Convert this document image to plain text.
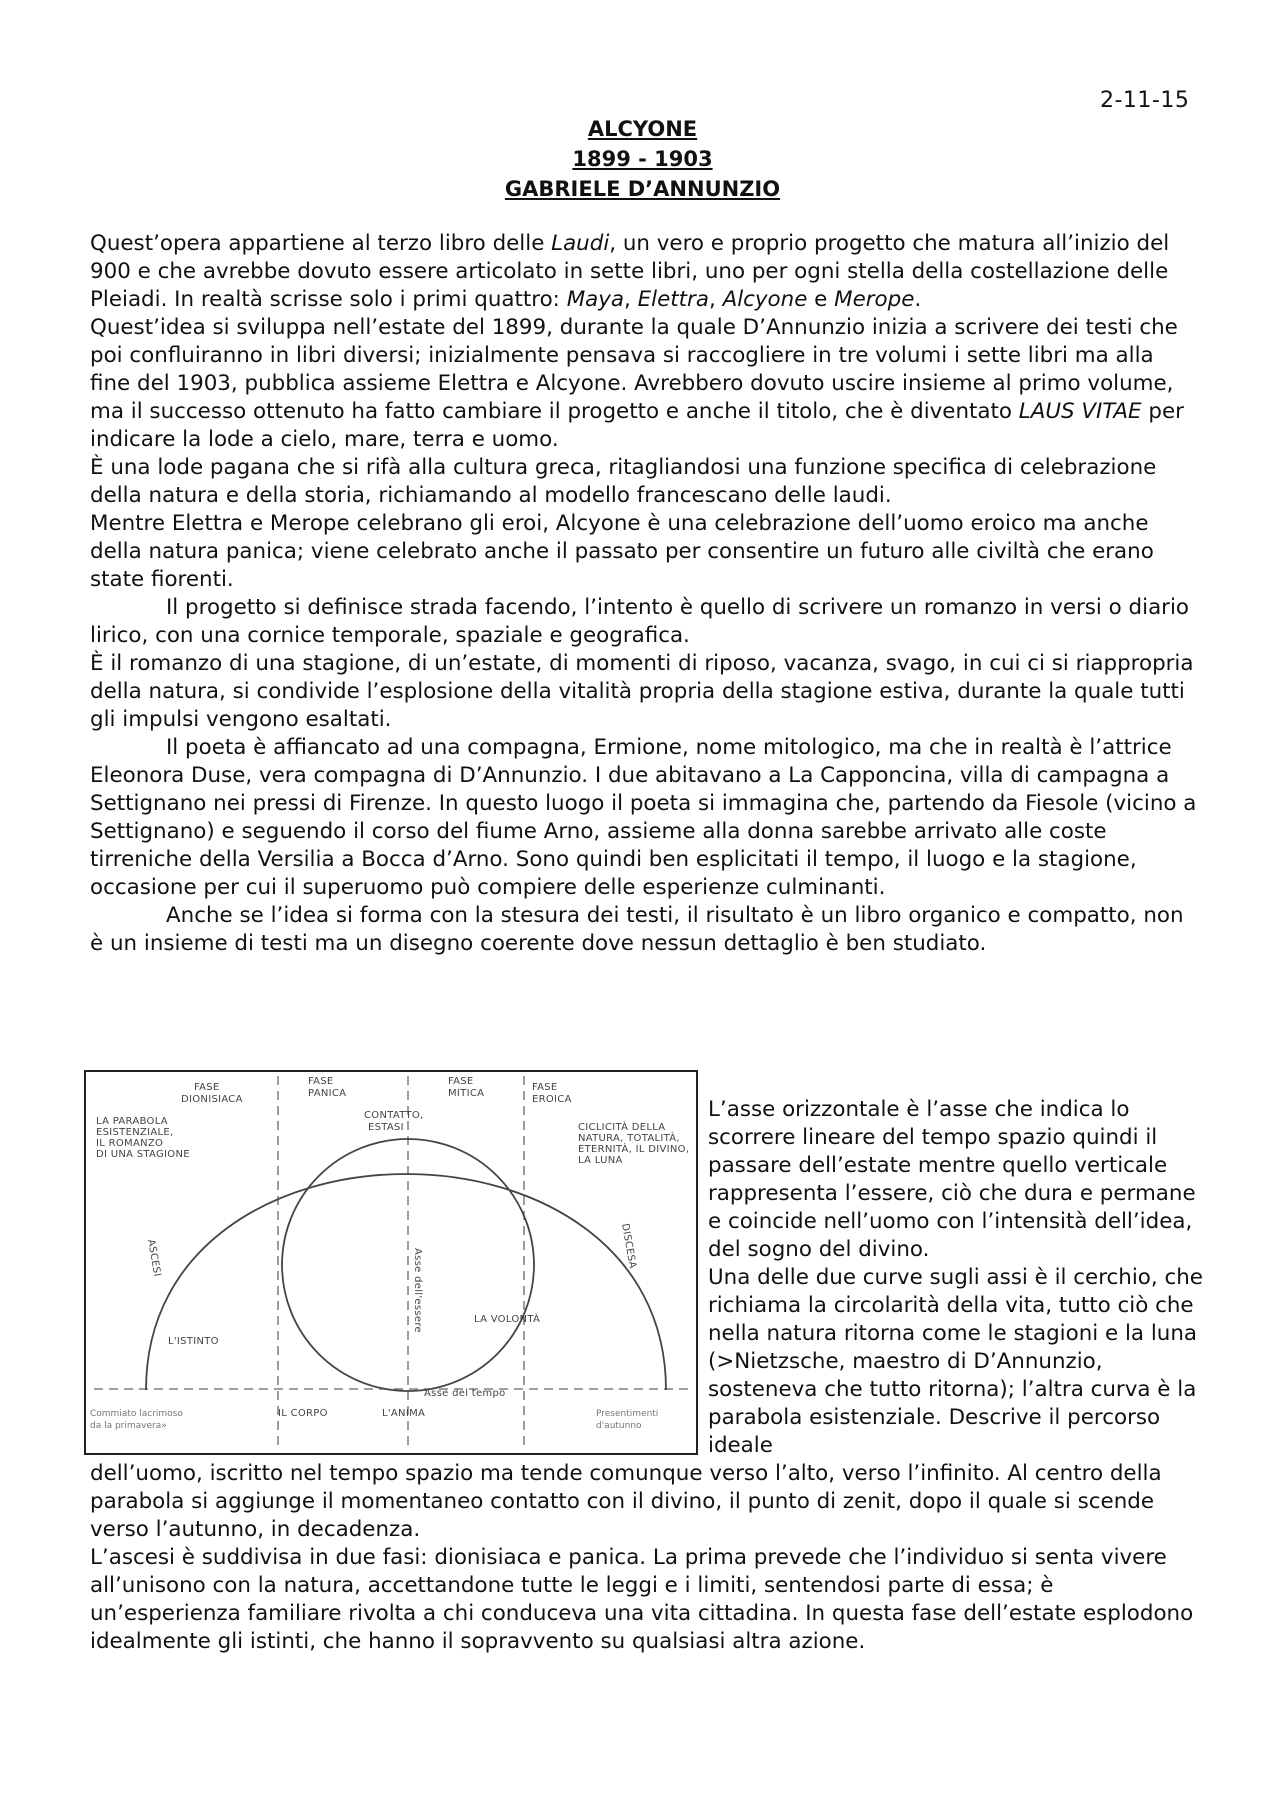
2-11-15
ALCYONE
1899 - 1903
GABRIELE D’ANNUNZIO

Quest’opera appartiene al terzo libro delle Laudi, un vero e proprio progetto che matura all’inizio del 900 e che avrebbe dovuto essere articolato in sette libri, uno per ogni stella della costellazione delle Pleiadi. In realtà scrisse solo i primi quattro: Maya, Elettra, Alcyone e Merope.

Quest’idea si sviluppa nell’estate del 1899, durante la quale D’Annunzio inizia a scrivere dei testi che poi confluiranno in libri diversi; inizialmente pensava si raccogliere in tre volumi i sette libri ma alla fine del 1903, pubblica assieme Elettra e Alcyone. Avrebbero dovuto uscire insieme al primo volume, ma il successo ottenuto ha fatto cambiare il progetto e anche il titolo, che è diventato LAUS VITAE per indicare la lode a cielo, mare, terra e uomo.

È una lode pagana che si rifà alla cultura greca, ritagliandosi una funzione specifica di celebrazione della natura e della storia, richiamando al modello francescano delle laudi.

Mentre Elettra e Merope celebrano gli eroi, Alcyone è una celebrazione dell’uomo eroico ma anche della natura panica; viene celebrato anche il passato per consentire un futuro alle civiltà che erano state fiorenti.

Il progetto si definisce strada facendo, l’intento è quello di scrivere un romanzo in versi o diario lirico, con una cornice temporale, spaziale e geografica.

È il romanzo di una stagione, di un’estate, di momenti di riposo, vacanza, svago, in cui ci si riappropria della natura, si condivide l’esplosione della vitalità propria della stagione estiva, durante la quale tutti gli impulsi vengono esaltati.

Il poeta è affiancato ad una compagna, Ermione, nome mitologico, ma che in realtà è l’attrice Eleonora Duse, vera compagna di D’Annunzio. I due abitavano a La Capponcina, villa di campagna a Settignano nei pressi di Firenze. In questo luogo il poeta si immagina che, partendo da Fiesole (vicino a Settignano) e seguendo il corso del fiume Arno, assieme alla donna sarebbe arrivato alle coste tirreniche della Versilia a Bocca d’Arno. Sono quindi ben esplicitati il tempo, il luogo e la stagione, occasione per cui il superuomo può compiere delle esperienze culminanti.

Anche se l’idea si forma con la stesura dei testi, il risultato è un libro organico e compatto, non è un insieme di testi ma un disegno coerente dove nessun dettaglio è ben studiato.

FASE
DIONISIACA
FASE
PANICA
FASE
MITICA
FASE
EROICA
CONTATTO,
ESTASI
LA PARABOLA
ESISTENZIALE,
IL ROMANZO
DI UNA STAGIONE
CICLICITÀ DELLA
NATURA, TOTALITÀ,
ETERNITÀ, IL DIVINO,
LA LUNA
ASCESI	DISCESA
Asse dell'essere
Asse del tempo
L'ISTINTO
LA VOLONTÀ
IL CORPO	L'ANIMA
Commiato lacrimoso
da la primavera»
Presentimenti
d'autunno

L’asse orizzontale è l’asse che indica lo scorrere lineare del tempo spazio quindi il passare dell’estate mentre quello verticale rappresenta l’essere, ciò che dura e permane e coincide nell’uomo con l’intensità dell’idea, del sogno del divino.

Una delle due curve sugli assi è il cerchio, che richiama la circolarità della vita, tutto ciò che nella natura ritorna come le stagioni e la luna (>Nietzsche, maestro di D’Annunzio, sosteneva che tutto ritorna); l’altra curva è la parabola esistenziale. Descrive il percorso ideale

dell’uomo, iscritto nel tempo spazio ma tende comunque verso l’alto, verso l’infinito. Al centro della parabola si aggiunge il momentaneo contatto con il divino, il punto di zenit, dopo il quale si scende verso l’autunno, in decadenza.

L’ascesi è suddivisa in due fasi: dionisiaca e panica. La prima prevede che l’individuo si senta vivere all’unisono con la natura, accettandone tutte le leggi e i limiti, sentendosi parte di essa; è un’esperienza familiare rivolta a chi conduceva una vita cittadina. In questa fase dell’estate esplodono idealmente gli istinti, che hanno il sopravvento su qualsiasi altra azione.
